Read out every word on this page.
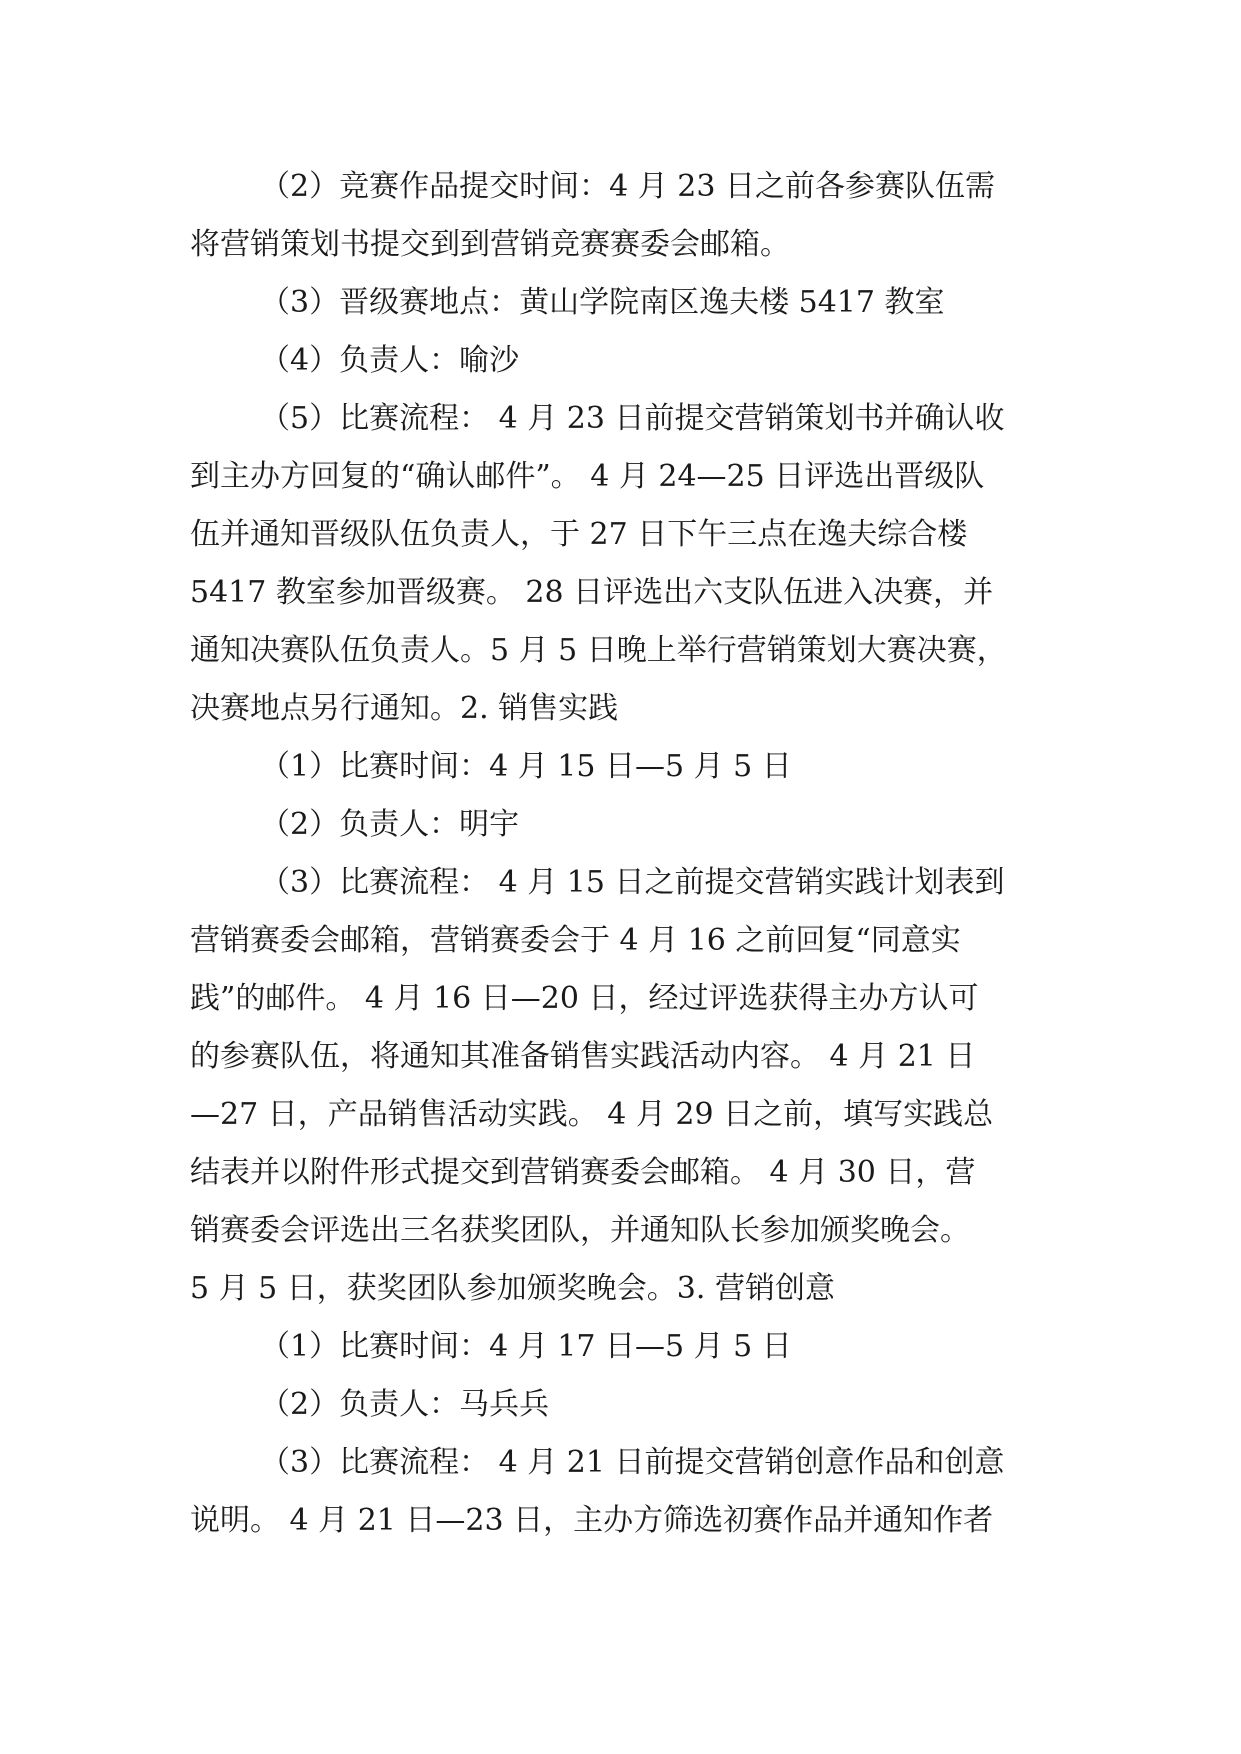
（2）竞赛作品提交时间：4 月 23 日之前各参赛队伍需
将营销策划书提交到到营销竞赛赛委会邮箱。

（3）晋级赛地点：黄山学院南区逸夫楼 5417 教室

（4）负责人：喻沙

（5）比赛流程： 4 月 23 日前提交营销策划书并确认收
到主办方回复的“确认邮件”。 4 月 24—25 日评选出晋级队
伍并通知晋级队伍负责人，于 27 日下午三点在逸夫综合楼
5417 教室参加晋级赛。 28 日评选出六支队伍进入决赛，并
通知决赛队伍负责人。5 月 5 日晚上举行营销策划大赛决赛，
决赛地点另行通知。2. 销售实践

（1）比赛时间：4 月 15 日—5 月 5 日

（2）负责人：明宇

（3）比赛流程： 4 月 15 日之前提交营销实践计划表到
营销赛委会邮箱，营销赛委会于 4 月 16 之前回复“同意实
践”的邮件。 4 月 16 日—20 日，经过评选获得主办方认可
的参赛队伍，将通知其准备销售实践活动内容。 4 月 21 日
—27 日，产品销售活动实践。 4 月 29 日之前，填写实践总
结表并以附件形式提交到营销赛委会邮箱。 4 月 30 日，营
销赛委会评选出三名获奖团队，并通知队长参加颁奖晚会。
5 月 5 日，获奖团队参加颁奖晚会。3. 营销创意

（1）比赛时间：4 月 17 日—5 月 5 日

（2）负责人：马兵兵

（3）比赛流程： 4 月 21 日前提交营销创意作品和创意
说明。 4 月 21 日—23 日，主办方筛选初赛作品并通知作者
